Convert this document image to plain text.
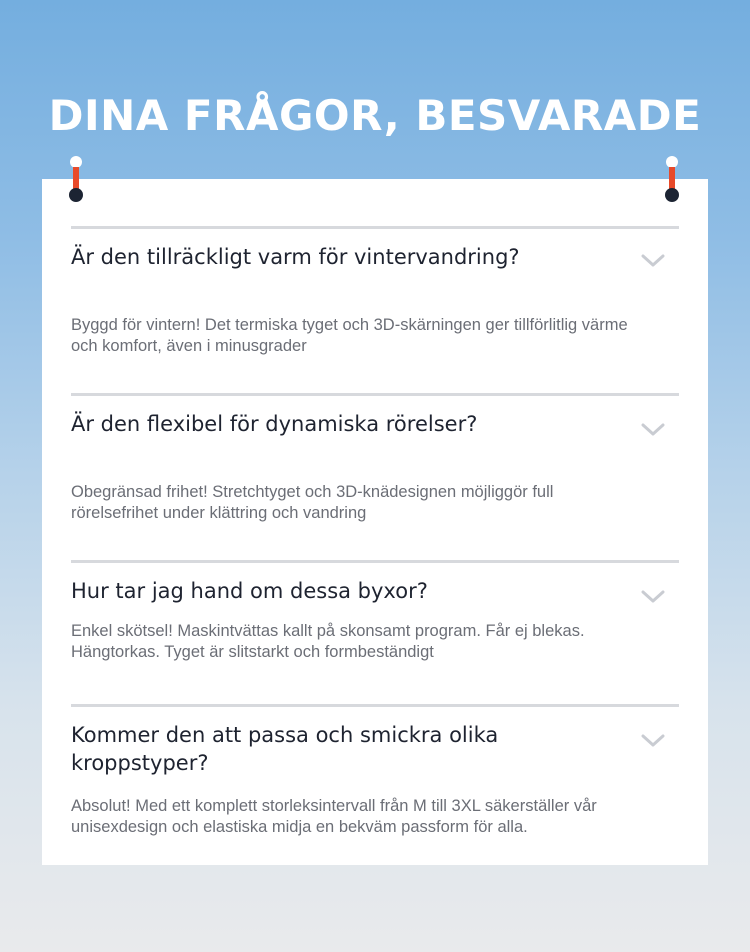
DINA FRÅGOR, BESVARADE
Är den tillräckligt varm för vintervandring?

Byggd för vintern! Det termiska tyget och 3D-skärningen ger tillförlitlig värme och komfort, även i minusgrader

Är den flexibel för dynamiska rörelser?

Obegränsad frihet! Stretchtyget och 3D-knädesignen möjliggör full rörelsefrihet under klättring och vandring

Hur tar jag hand om dessa byxor?

Enkel skötsel! Maskintvättas kallt på skonsamt program. Får ej blekas. Hängtorkas. Tyget är slitstarkt och formbeständigt

Kommer den att passa och smickra olika kroppstyper?

Absolut! Med ett komplett storleksintervall från M till 3XL säkerställer vår unisexdesign och elastiska midja en bekväm passform för alla.
